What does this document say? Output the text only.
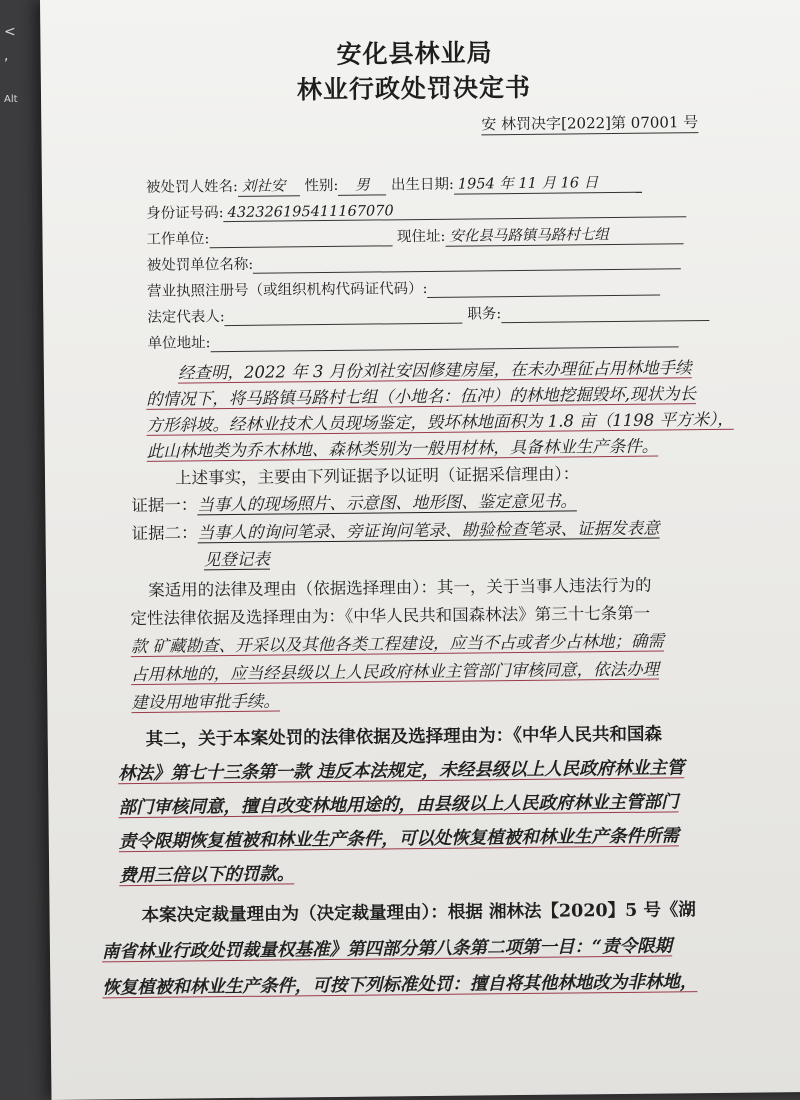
<
,
Alt
安化县林业局
林业行政处罚决定书
安 林罚决字[2022]第 07001 号
被处罚人姓名: 刘社安 性别: 男 出生日期: 1954 年 11 月 16 日
身份证号码: 432326195411167070
工作单位: ​	现住址: 安化县马路镇马路村七组
被处罚单位名称: ​
营业执照注册号（或组织机构代码证代码）: ​
法定代表人: ​	职务: ​
单位地址: ​
经查明，2022 年 3 月份刘社安因修建房屋，在未办理征占用林地手续
的情况下，将马路镇马路村七组（小地名：伍冲）的林地挖掘毁坏,现状为长
方形斜坡。经林业技术人员现场鉴定，毁坏林地面积为 1.8 亩（1198 平方米），
此山林地类为乔木林地、森林类别为一般用材林，具备林业生产条件。
上述事实，主要由下列证据予以证明（证据采信理由）：
证据一：当事人的现场照片、示意图、地形图、鉴定意见书。
证据二：当事人的询问笔录、旁证询问笔录、勘验检查笔录、证据发表意
见登记表
案适用的法律及理由（依据选择理由）：其一，关于当事人违法行为的
定性法律依据及选择理由为：《中华人民共和国森林法》第三十七条第一
款 矿藏勘查、开采以及其他各类工程建设，应当不占或者少占林地；确需
占用林地的，应当经县级以上人民政府林业主管部门审核同意，依法办理
建设用地审批手续。
其二，关于本案处罚的法律依据及选择理由为：《中华人民共和国森
林法》第七十三条第一款 违反本法规定，未经县级以上人民政府林业主管
部门审核同意，擅自改变林地用途的，由县级以上人民政府林业主管部门
责令限期恢复植被和林业生产条件，可以处恢复植被和林业生产条件所需
费用三倍以下的罚款。
本案决定裁量理由为（决定裁量理由）：根据 湘林法【2020】5 号《湖
南省林业行政处罚裁量权基准》第四部分第八条第二项第一目：“责令限期
恢复植被和林业生产条件，可按下列标准处罚：擅自将其他林地改为非林地，
